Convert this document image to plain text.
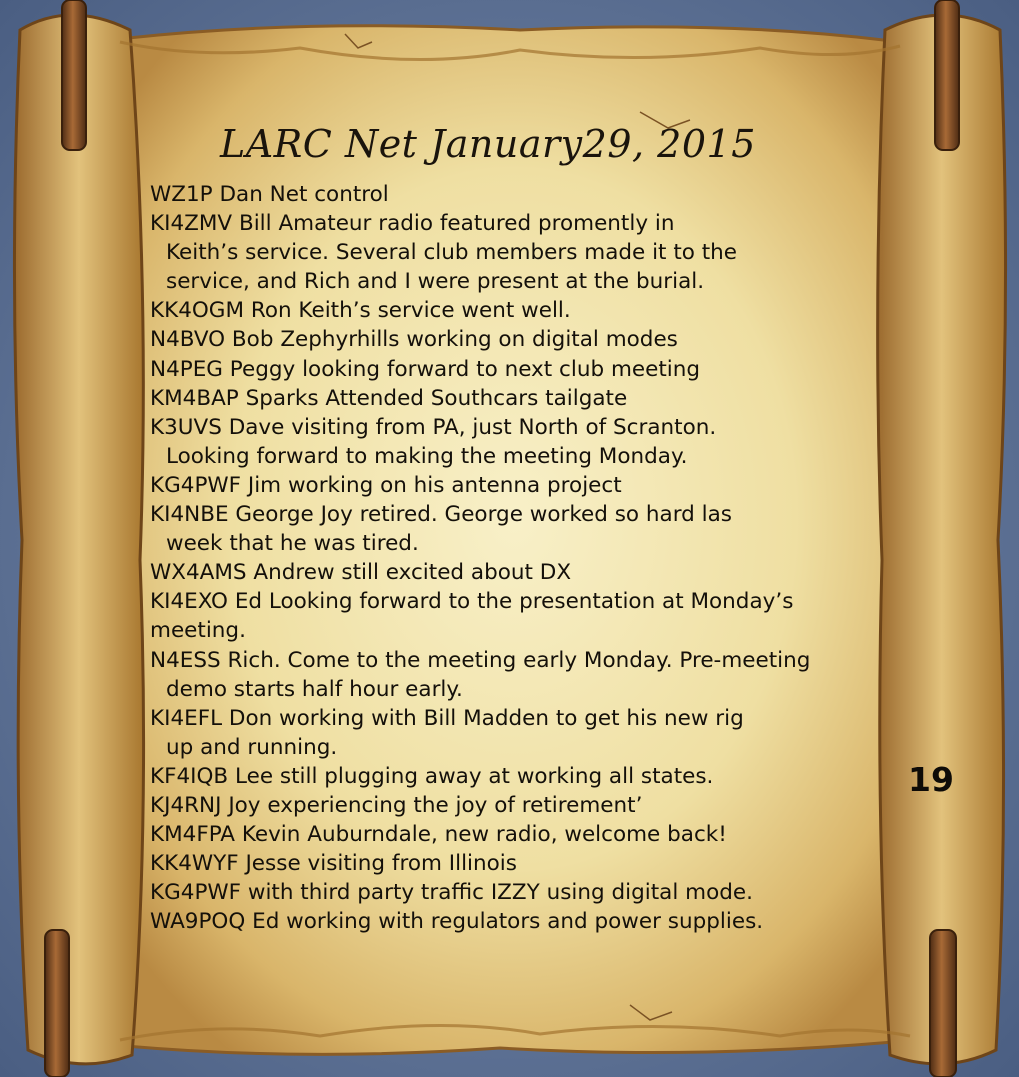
LARC Net January29, 2015
WZ1P Dan Net control
KI4ZMV Bill Amateur radio featured promently in
Keith’s service. Several club members made it to the
service, and Rich and I were present at the burial.
KK4OGM Ron Keith’s service went well.
N4BVO Bob Zephyrhills working on digital modes
N4PEG Peggy looking forward to next club meeting
KM4BAP Sparks Attended Southcars tailgate
K3UVS Dave visiting from PA, just North of Scranton.
Looking forward to making the meeting Monday.
KG4PWF Jim working on his antenna project
KI4NBE George Joy retired. George worked so hard las
week that he was tired.
WX4AMS Andrew still excited about DX
KI4EXO Ed Looking forward to the presentation at Monday’s
meeting.
N4ESS Rich. Come to the meeting early Monday. Pre-meeting
demo starts half hour early.
KI4EFL Don working with Bill Madden to get his new rig
up and running.
KF4IQB Lee still plugging away at working all states.
KJ4RNJ Joy experiencing the joy of retirement’
KM4FPA Kevin Auburndale, new radio, welcome back!
KK4WYF Jesse visiting from Illinois
KG4PWF with third party traffic IZZY using digital mode.
WA9POQ Ed working with regulators and power supplies.
19
